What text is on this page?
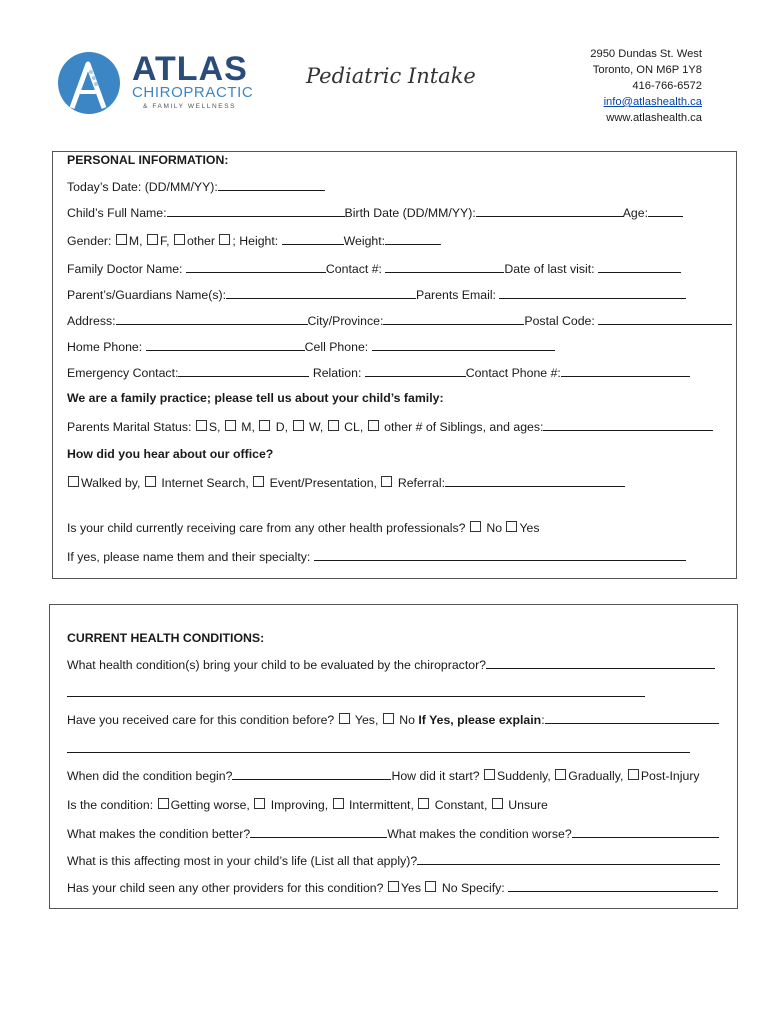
ATLAS
CHIROPRACTIC
& FAMILY WELLNESS
Pediatric Intake
2950 Dundas St. West
Toronto, ON M6P 1Y8
416-766-6572
info@atlashealth.ca
www.atlashealth.ca
PERSONAL INFORMATION:
Today’s Date: (DD/MM/YY):
Child’s Full Name:	Birth Date (DD/MM/YY):	Age:
Gender: M, F, other ; Height:	Weight:
Family Doctor Name:	Contact #:	Date of last visit:
Parent’s/Guardians Name(s):	Parents Email:
Address:	City/Province:	Postal Code:
Home Phone:	Cell Phone:
Emergency Contact:	Relation:	Contact Phone #:
We are a family practice; please tell us about your child’s family:
Parents Marital Status: S, M, D, W, CL, other # of Siblings, and ages:
How did you hear about our office?
Walked by, Internet Search, Event/Presentation, Referral:
Is your child currently receiving care from any other health professionals? No Yes
If yes, please name them and their specialty:
CURRENT HEALTH CONDITIONS:
What health condition(s) bring your child to be evaluated by the chiropractor?
Have you received care for this condition before? Yes, No If Yes, please explain:
When did the condition begin?	How did it start? Suddenly, Gradually, Post-Injury
Is the condition: Getting worse, Improving, Intermittent, Constant, Unsure
What makes the condition better?	What makes the condition worse?
What is this affecting most in your child’s life (List all that apply)?
Has your child seen any other providers for this condition? Yes No Specify:
